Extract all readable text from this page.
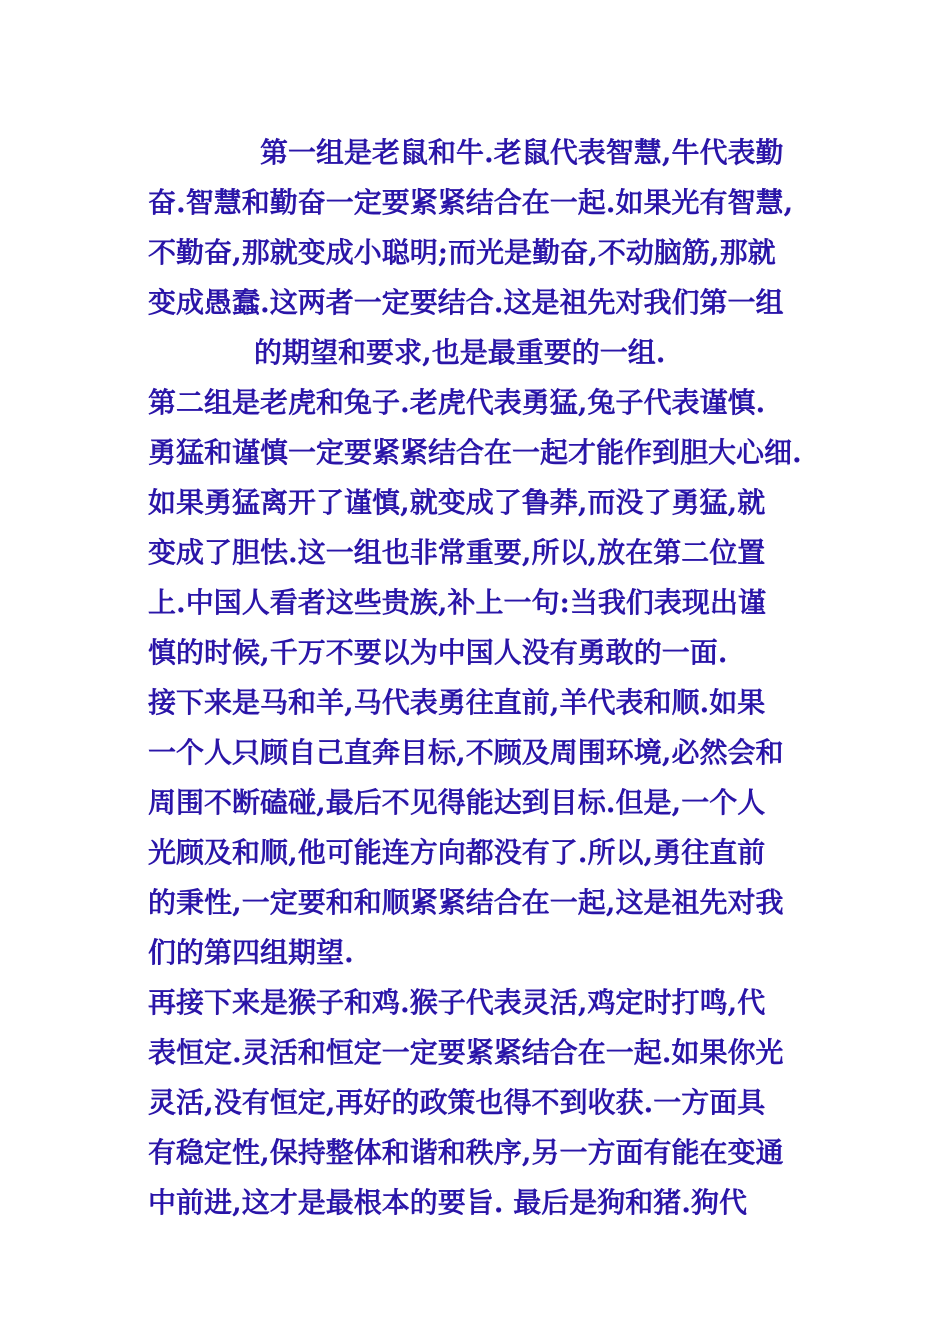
第一组是老鼠和牛.老鼠代表智慧,牛代表勤
奋.智慧和勤奋一定要紧紧结合在一起.如果光有智慧,
不勤奋,那就变成小聪明;而光是勤奋,不动脑筋,那就
变成愚蠢.这两者一定要结合.这是祖先对我们第一组
的期望和要求,也是最重要的一组.
第二组是老虎和兔子.老虎代表勇猛,兔子代表谨慎.
勇猛和谨慎一定要紧紧结合在一起才能作到胆大心细.
如果勇猛离开了谨慎,就变成了鲁莽,而没了勇猛,就
变成了胆怯.这一组也非常重要,所以,放在第二位置
上.中国人看者这些贵族,补上一句:当我们表现出谨
慎的时候,千万不要以为中国人没有勇敢的一面.
接下来是马和羊,马代表勇往直前,羊代表和顺.如果
一个人只顾自己直奔目标,不顾及周围环境,必然会和
周围不断磕碰,最后不见得能达到目标.但是,一个人
光顾及和顺,他可能连方向都没有了.所以,勇往直前
的秉性,一定要和和顺紧紧结合在一起,这是祖先对我
们的第四组期望.
再接下来是猴子和鸡.猴子代表灵活,鸡定时打鸣,代
表恒定.灵活和恒定一定要紧紧结合在一起.如果你光
灵活,没有恒定,再好的政策也得不到收获.一方面具
有稳定性,保持整体和谐和秩序,另一方面有能在变通
中前进,这才是最根本的要旨. 最后是狗和猪.狗代
